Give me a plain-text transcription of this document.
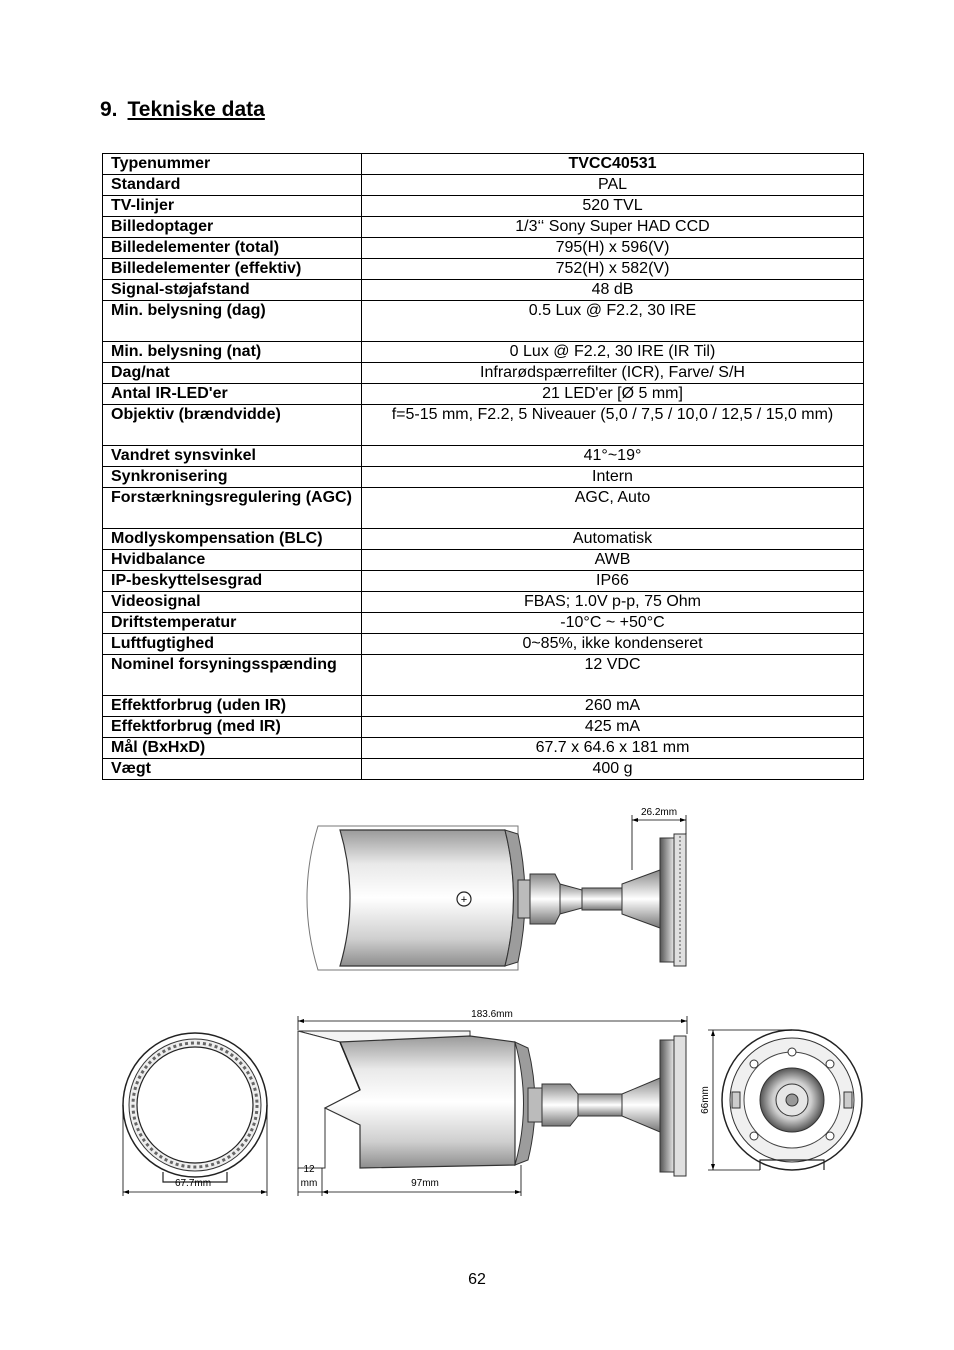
9. Tekniske data
Typenummer	TVCC40531
Standard	PAL
TV-linjer	520 TVL
Billedoptager	1/3‘‘ Sony Super HAD CCD
Billedelementer (total)	795(H) x 596(V)
Billedelementer (effektiv)	752(H) x 582(V)
Signal-støjafstand	48 dB
Min. belysning (dag)	0.5 Lux @ F2.2, 30 IRE
Min. belysning (nat)	0 Lux @ F2.2, 30 IRE (IR Til)
Dag/nat	Infrarødspærrefilter (ICR), Farve/ S/H
Antal IR-LED'er	21 LED'er [Ø 5 mm]
Objektiv (brændvidde)	f=5-15 mm, F2.2, 5 Niveauer (5,0 / 7,5 / 10,0 / 12,5 / 15,0 mm)
Vandret synsvinkel	41°~19°
Synkronisering	Intern
Forstærkningsregulering (AGC)	AGC, Auto
Modlyskompensation (BLC)	Automatisk
Hvidbalance	AWB
IP-beskyttelsesgrad	IP66
Videosignal	FBAS; 1.0V p-p, 75 Ohm
Driftstemperatur	-10°C ~ +50°C
Luftfugtighed	0~85%, ikke kondenseret
Nominel forsyningsspænding	12 VDC
Effektforbrug (uden IR)	260 mA
Effektforbrug (med IR)	425 mA
Mål (BxHxD)	67.7 x 64.6 x 181 mm
Vægt	400 g
+
26.2mm
67.7mm
183.6mm
12
mm	97mm
66mm
62
